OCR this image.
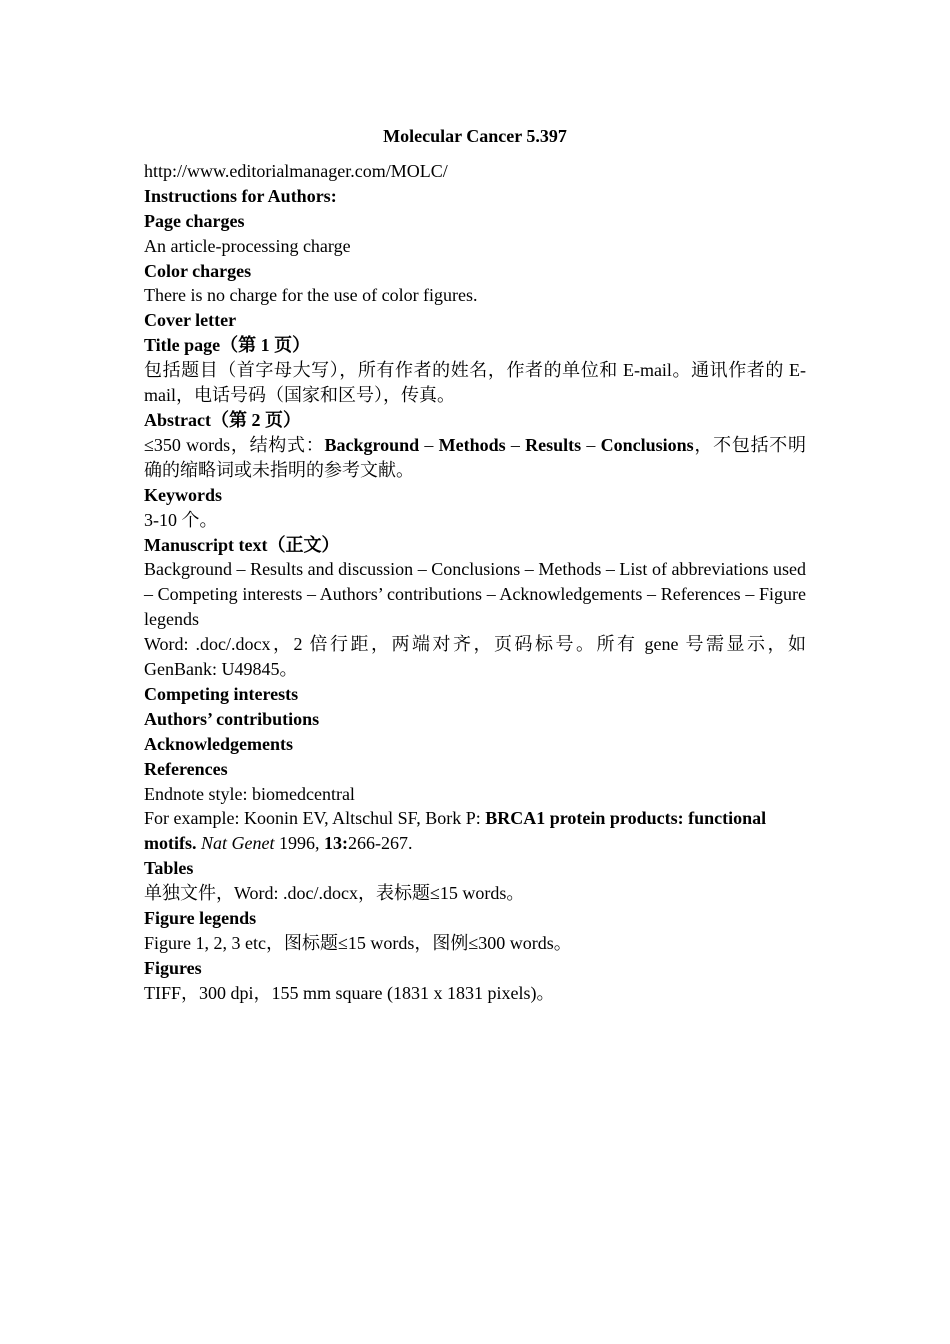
Molecular Cancer 5.397

http://www.editorialmanager.com/MOLC/

Instructions for Authors:

Page charges

An article-processing charge

Color charges

There is no charge for the use of color figures.

Cover letter

Title page（第 1 页）

包括题目（首字母大写），所有作者的姓名，作者的单位和 E-mail。通讯作者的 E-mail，电话号码（国家和区号），传真。

Abstract（第 2 页）

≤350 words，结构式：Background – Methods – Results – Conclusions，不包括不明确的缩略词或未指明的参考文献。

Keywords

3-10 个。

Manuscript text（正文）

Background – Results and discussion – Conclusions – Methods – List of abbreviations used – Competing interests – Authors’ contributions – Acknowledgements – References – Figure legends

Word: .doc/.docx，2 倍行距，两端对齐，页码标号。所有 gene 号需显示，如 GenBank: U49845。

Competing interests

Authors’ contributions

Acknowledgements

References

Endnote style: biomedcentral

For example: Koonin EV, Altschul SF, Bork P: BRCA1 protein products: functional motifs. Nat Genet 1996, 13:266-267.

Tables

单独文件，Word: .doc/.docx，表标题≤15 words。

Figure legends

Figure 1, 2, 3 etc，图标题≤15 words，图例≤300 words。

Figures

TIFF，300 dpi，155 mm square (1831 x 1831 pixels)。
